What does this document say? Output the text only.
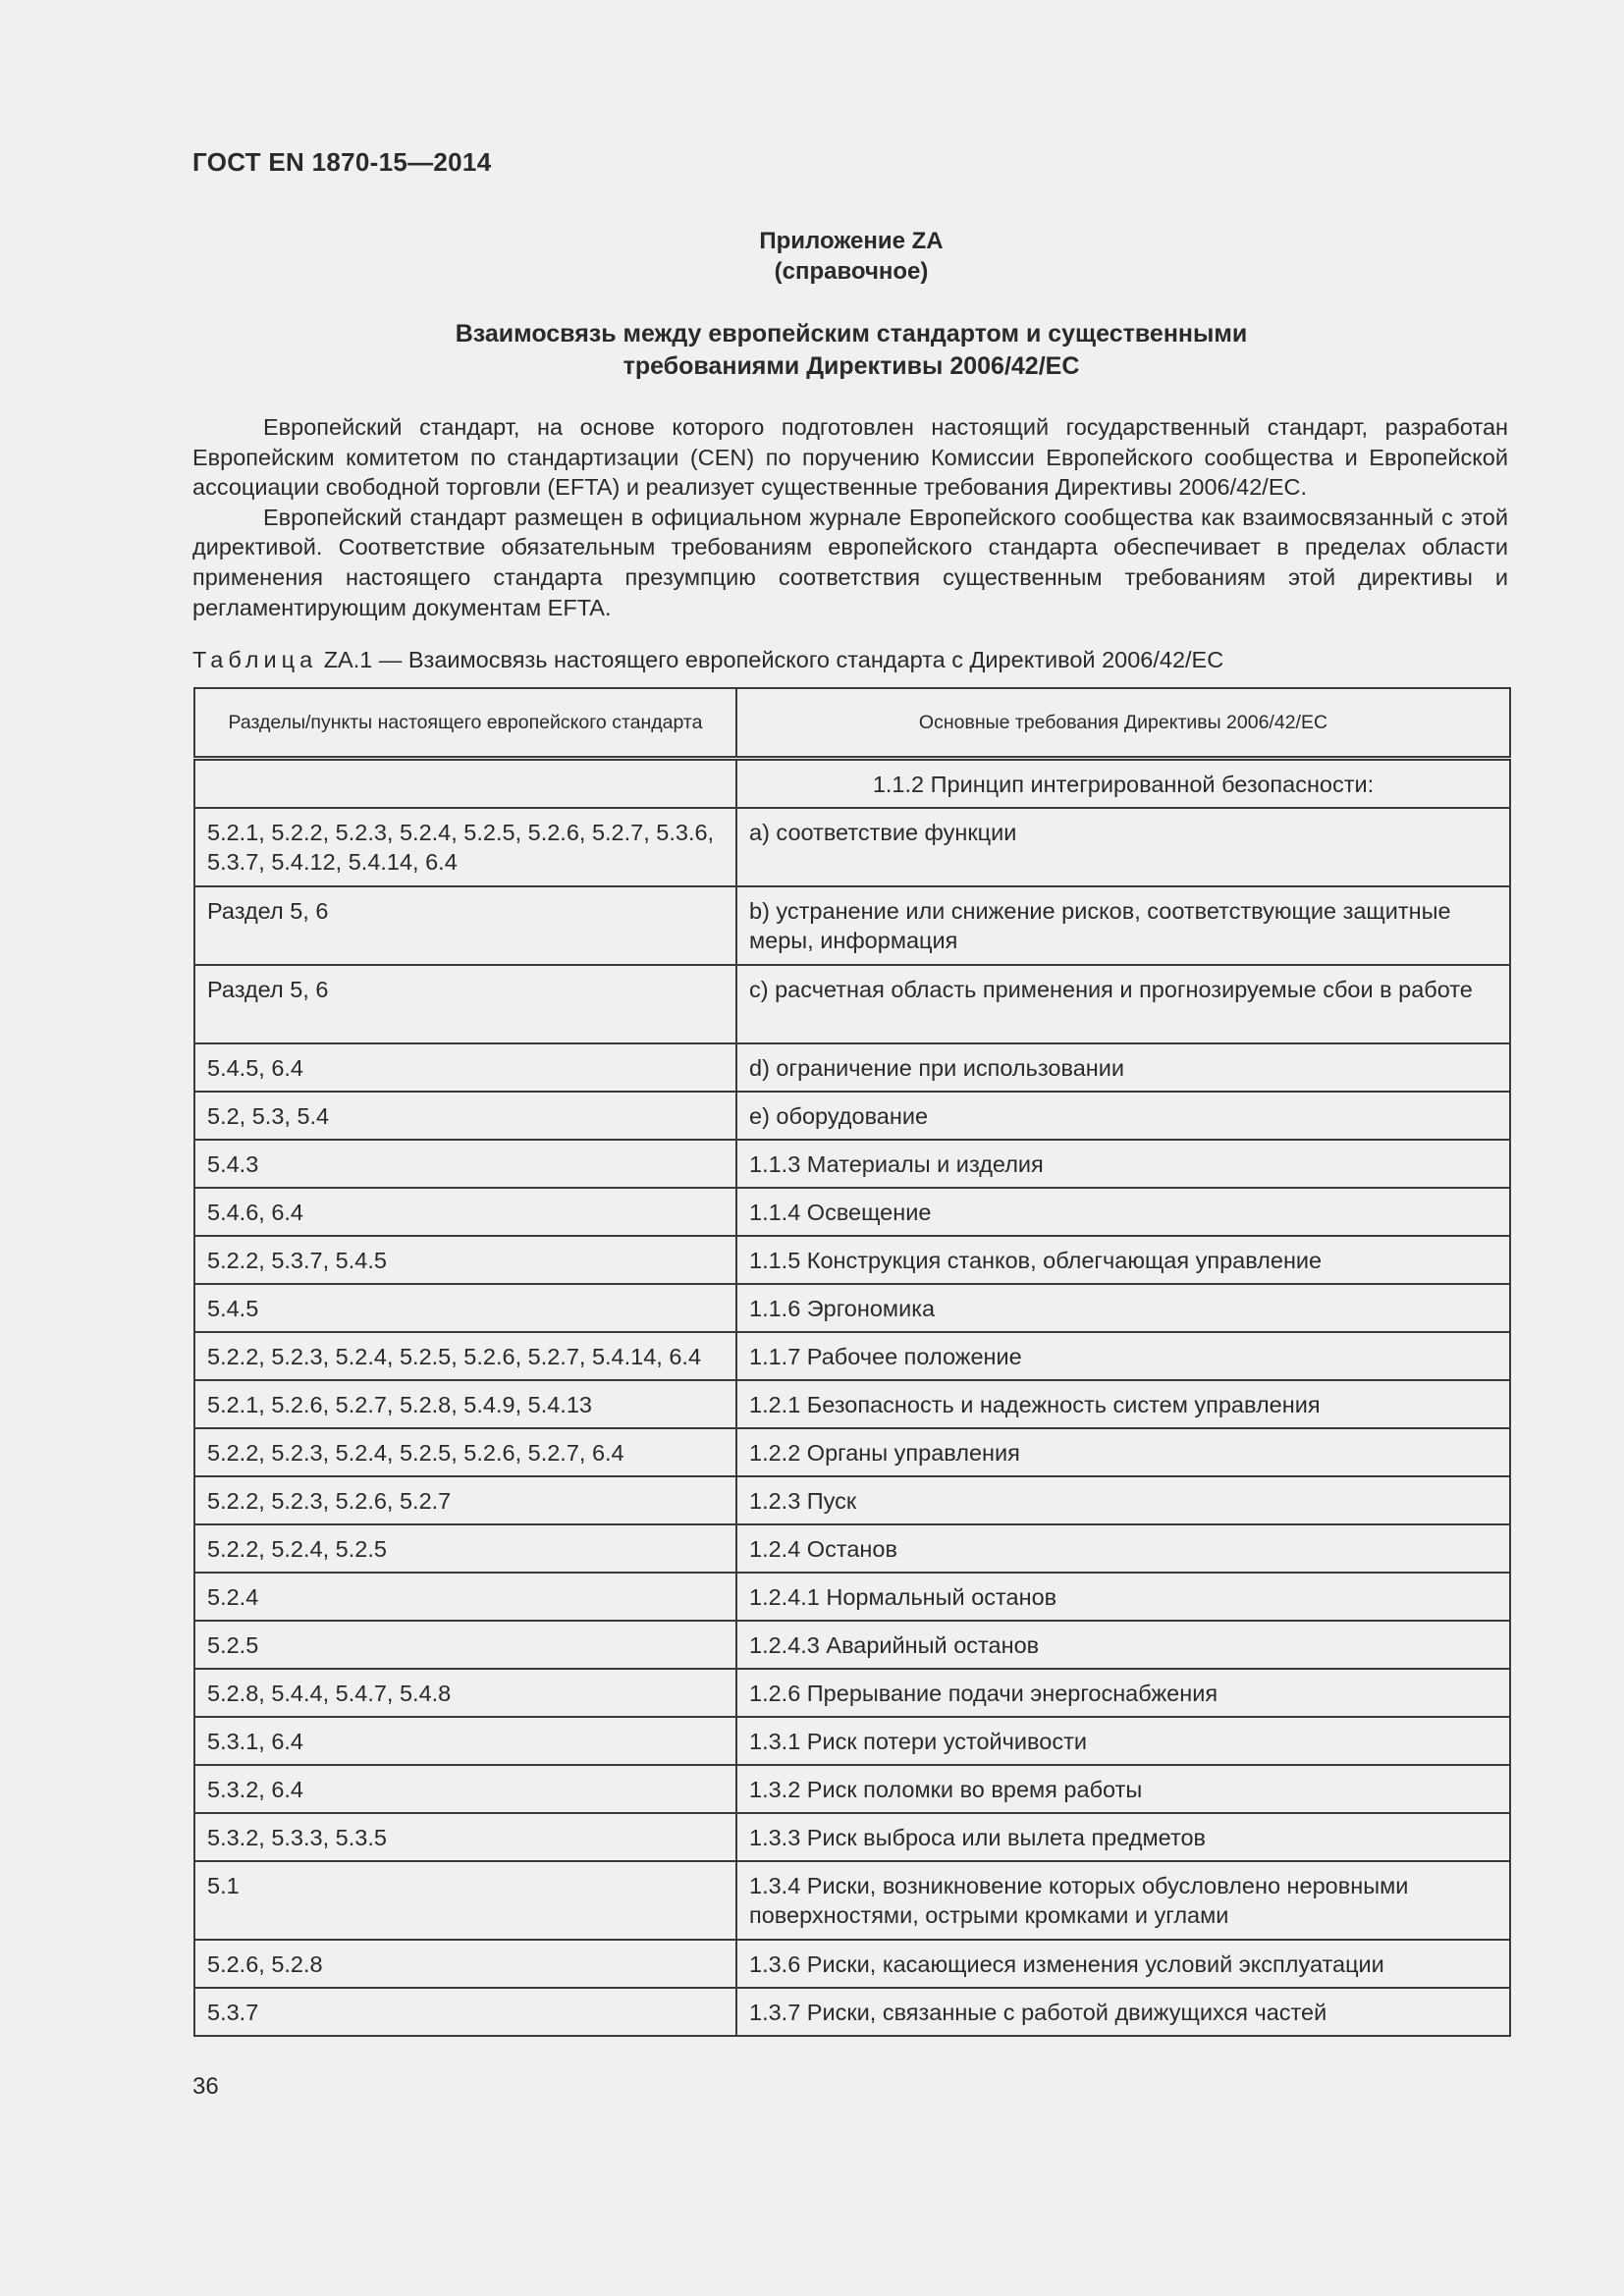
ГОСТ EN 1870-15—2014
Приложение ZA
(справочное)
Взаимосвязь между европейским стандартом и существенными
требованиями Директивы 2006/42/ЕС

Европейский стандарт, на основе которого подготовлен настоящий государственный стандарт, разработан Европейским комитетом по стандартизации (CEN) по поручению Комиссии Европейского сообщества и Европейской ассоциации свободной торговли (EFTA) и реализует существенные требования Директивы 2006/42/ЕС.

Европейский стандарт размещен в официальном журнале Европейского сообщества как взаимосвязанный с этой директивой. Соответствие обязательным требованиям европейского стандарта обеспечивает в пределах области применения настоящего стандарта презумпцию соответствия существенным требованиям этой директивы и регламентирующим документам EFTA.

Таблица ZA.1 — Взаимосвязь настоящего европейского стандарта с Директивой 2006/42/ЕС
Разделы/пункты настоящего европейского стандарта	Основные требования Директивы 2006/42/ЕС
	1.1.2 Принцип интегрированной безопасности:
5.2.1, 5.2.2, 5.2.3, 5.2.4, 5.2.5, 5.2.6, 5.2.7, 5.3.6, 5.3.7, 5.4.12, 5.4.14, 6.4	a) соответствие функции
Раздел 5, 6	b) устранение или снижение рисков, соответствующие защитные меры, информация
Раздел 5, 6	c) расчетная область применения и прогнозируемые сбои в работе
5.4.5, 6.4	d) ограничение при использовании
5.2, 5.3, 5.4	e) оборудование
5.4.3	1.1.3 Материалы и изделия
5.4.6, 6.4	1.1.4 Освещение
5.2.2, 5.3.7, 5.4.5	1.1.5 Конструкция станков, облегчающая управление
5.4.5	1.1.6 Эргономика
5.2.2, 5.2.3, 5.2.4, 5.2.5, 5.2.6, 5.2.7, 5.4.14, 6.4	1.1.7 Рабочее положение
5.2.1, 5.2.6, 5.2.7, 5.2.8, 5.4.9, 5.4.13	1.2.1 Безопасность и надежность систем управления
5.2.2, 5.2.3, 5.2.4, 5.2.5, 5.2.6, 5.2.7, 6.4	1.2.2 Органы управления
5.2.2, 5.2.3, 5.2.6, 5.2.7	1.2.3 Пуск
5.2.2, 5.2.4, 5.2.5	1.2.4 Останов
5.2.4	1.2.4.1 Нормальный останов
5.2.5	1.2.4.3 Аварийный останов
5.2.8, 5.4.4, 5.4.7, 5.4.8	1.2.6 Прерывание подачи энергоснабжения
5.3.1, 6.4	1.3.1 Риск потери устойчивости
5.3.2, 6.4	1.3.2 Риск поломки во время работы
5.3.2, 5.3.3, 5.3.5	1.3.3 Риск выброса или вылета предметов
5.1	1.3.4 Риски, возникновение которых обусловлено неровными поверхностями, острыми кромками и углами
5.2.6, 5.2.8	1.3.6 Риски, касающиеся изменения условий эксплуатации
5.3.7	1.3.7 Риски, связанные с работой движущихся частей
36
